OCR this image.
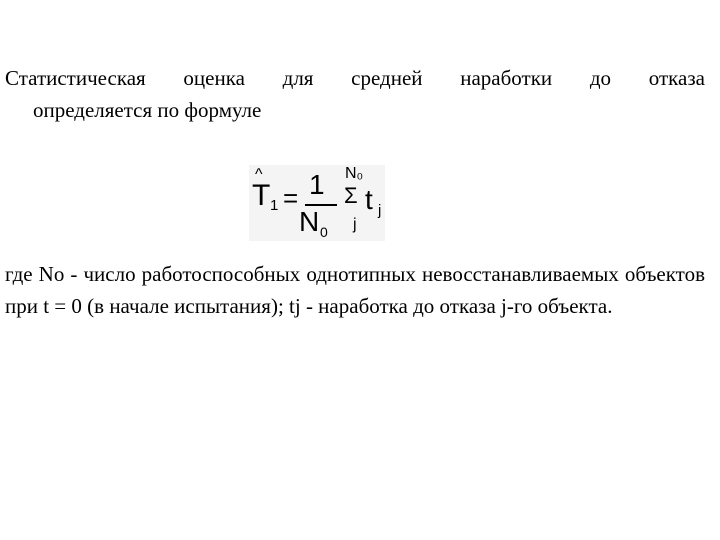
Статистическая оценка для средней наработки до отказа
определяется по формуле
^
T 1 = 1
N 0
Σ
N₀
j
t j
где No - число работоспособных однотипных невосстанавливаемых объектов при t = 0 (в начале испытания); tj - наработка до отказа j-го объекта.
